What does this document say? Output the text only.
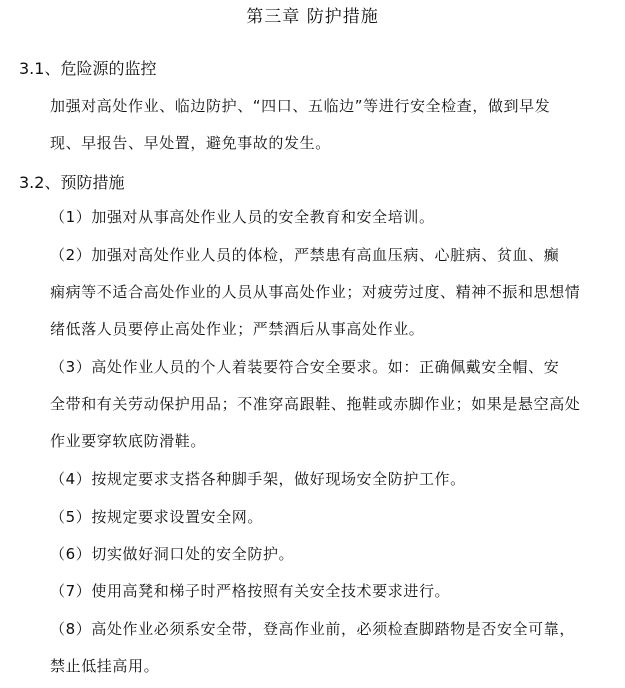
第三章 防护措施
3.1、危险源的监控
加强对高处作业、临边防护、“四口、五临边”等进行安全检查，做到早发
现、早报告、早处置，避免事故的发生。
3.2、预防措施
（1）加强对从事高处作业人员的安全教育和安全培训。
（2）加强对高处作业人员的体检，严禁患有高血压病、心脏病、贫血、癫
痫病等不适合高处作业的人员从事高处作业；对疲劳过度、精神不振和思想情
绪低落人员要停止高处作业；严禁酒后从事高处作业。
（3）高处作业人员的个人着装要符合安全要求。如：正确佩戴安全帽、安
全带和有关劳动保护用品；不准穿高跟鞋、拖鞋或赤脚作业；如果是悬空高处
作业要穿软底防滑鞋。
（4）按规定要求支搭各种脚手架，做好现场安全防护工作。
（5）按规定要求设置安全网。
（6）切实做好洞口处的安全防护。
（7）使用高凳和梯子时严格按照有关安全技术要求进行。
（8）高处作业必须系安全带，登高作业前，必须检查脚踏物是否安全可靠，
禁止低挂高用。
